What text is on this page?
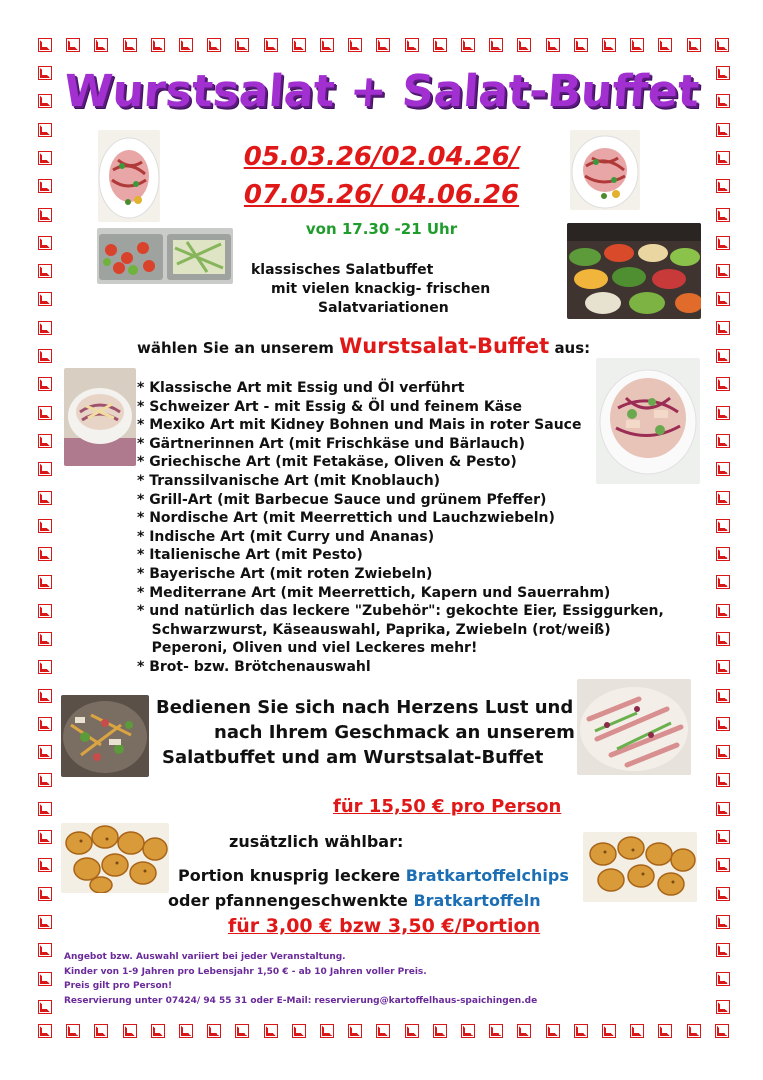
Wurstsalat + Salat-Buffet
05.03.26/02.04.26/
07.05.26/ 04.06.26
von 17.30 -21 Uhr
klassisches Salatbuffet
mit vielen knackig- frischen
Salatvariationen
wählen Sie an unserem Wurstsalat-Buffet aus:
* Klassische Art mit Essig und Öl verführt
* Schweizer Art - mit Essig & Öl und feinem Käse
* Mexiko Art mit Kidney Bohnen und Mais in roter Sauce
* Gärtnerinnen Art (mit Frischkäse und Bärlauch)
* Griechische Art (mit Fetakäse, Oliven & Pesto)
* Transsilvanische Art (mit Knoblauch)
* Grill-Art (mit Barbecue Sauce und grünem Pfeffer)
* Nordische Art (mit Meerrettich und Lauchzwiebeln)
* Indische Art (mit Curry und Ananas)
* Italienische Art (mit Pesto)
* Bayerische Art (mit roten Zwiebeln)
* Mediterrane Art (mit Meerrettich, Kapern und Sauerrahm)
* und natürlich das leckere "Zubehör": gekochte Eier, Essiggurken,
Schwarzwurst, Käseauswahl, Paprika, Zwiebeln (rot/weiß)
Peperoni, Oliven und viel Leckeres mehr!
* Brot- bzw. Brötchenauswahl
Bedienen Sie sich nach Herzens Lust und
nach Ihrem Geschmack an unserem
Salatbuffet und am Wurstsalat-Buffet
für 15,50 € pro Person
zusätzlich wählbar:
Portion knusprig leckere Bratkartoffelchips
oder pfannengeschwenkte Bratkartoffeln
für 3,00 € bzw 3,50 €/Portion
Angebot bzw. Auswahl variiert bei jeder Veranstaltung.
Kinder von 1-9 Jahren pro Lebensjahr 1,50 € - ab 10 Jahren voller Preis.
Preis gilt pro Person!
Reservierung unter 07424/ 94 55 31 oder E-Mail: reservierung@kartoffelhaus-spaichingen.de
